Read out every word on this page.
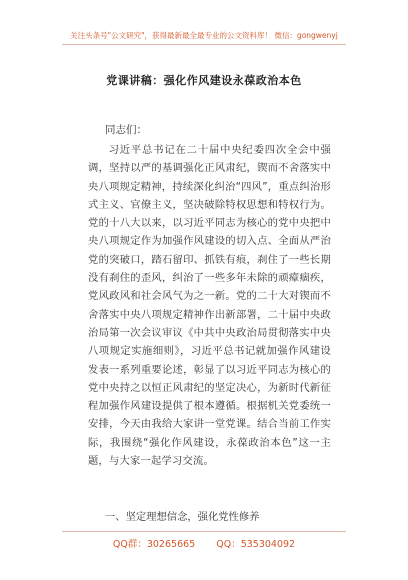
关注头条号"公文研究"，获得最新最全最专业的公文资料库！ 微信：gongwenyj
党课讲稿：强化作风建设永葆政治本色
同志们：

习近平总书记在二十届中央纪委四次全会中强调，坚持以严的基调强化正风肃纪，锲而不舍落实中央八项规定精神，持续深化纠治“四风”，重点纠治形式主义、官僚主义，坚决破除特权思想和特权行为。党的十八大以来，以习近平同志为核心的党中央把中央八项规定作为加强作风建设的切入点、全面从严治党的突破口，踏石留印、抓铁有痕，刹住了一些长期没有刹住的歪风，纠治了一些多年未除的顽瘴痼疾，党风政风和社会风气为之一新。党的二十大对锲而不舍落实中央八项规定精神作出新部署，二十届中央政治局第一次会议审议《中共中央政治局贯彻落实中央八项规定实施细则》，习近平总书记就加强作风建设发表一系列重要论述，彰显了以习近平同志为核心的党中央持之以恒正风肃纪的坚定决心，为新时代新征程加强作风建设提供了根本遵循。根据机关党委统一安排，今天由我给大家讲一堂党课。结合当前工作实际，我围绕“强化作风建设，永葆政治本色”这一主题，与大家一起学习交流。

一、坚定理想信念，强化党性修养
QQ群：30265665 QQ：535304092
